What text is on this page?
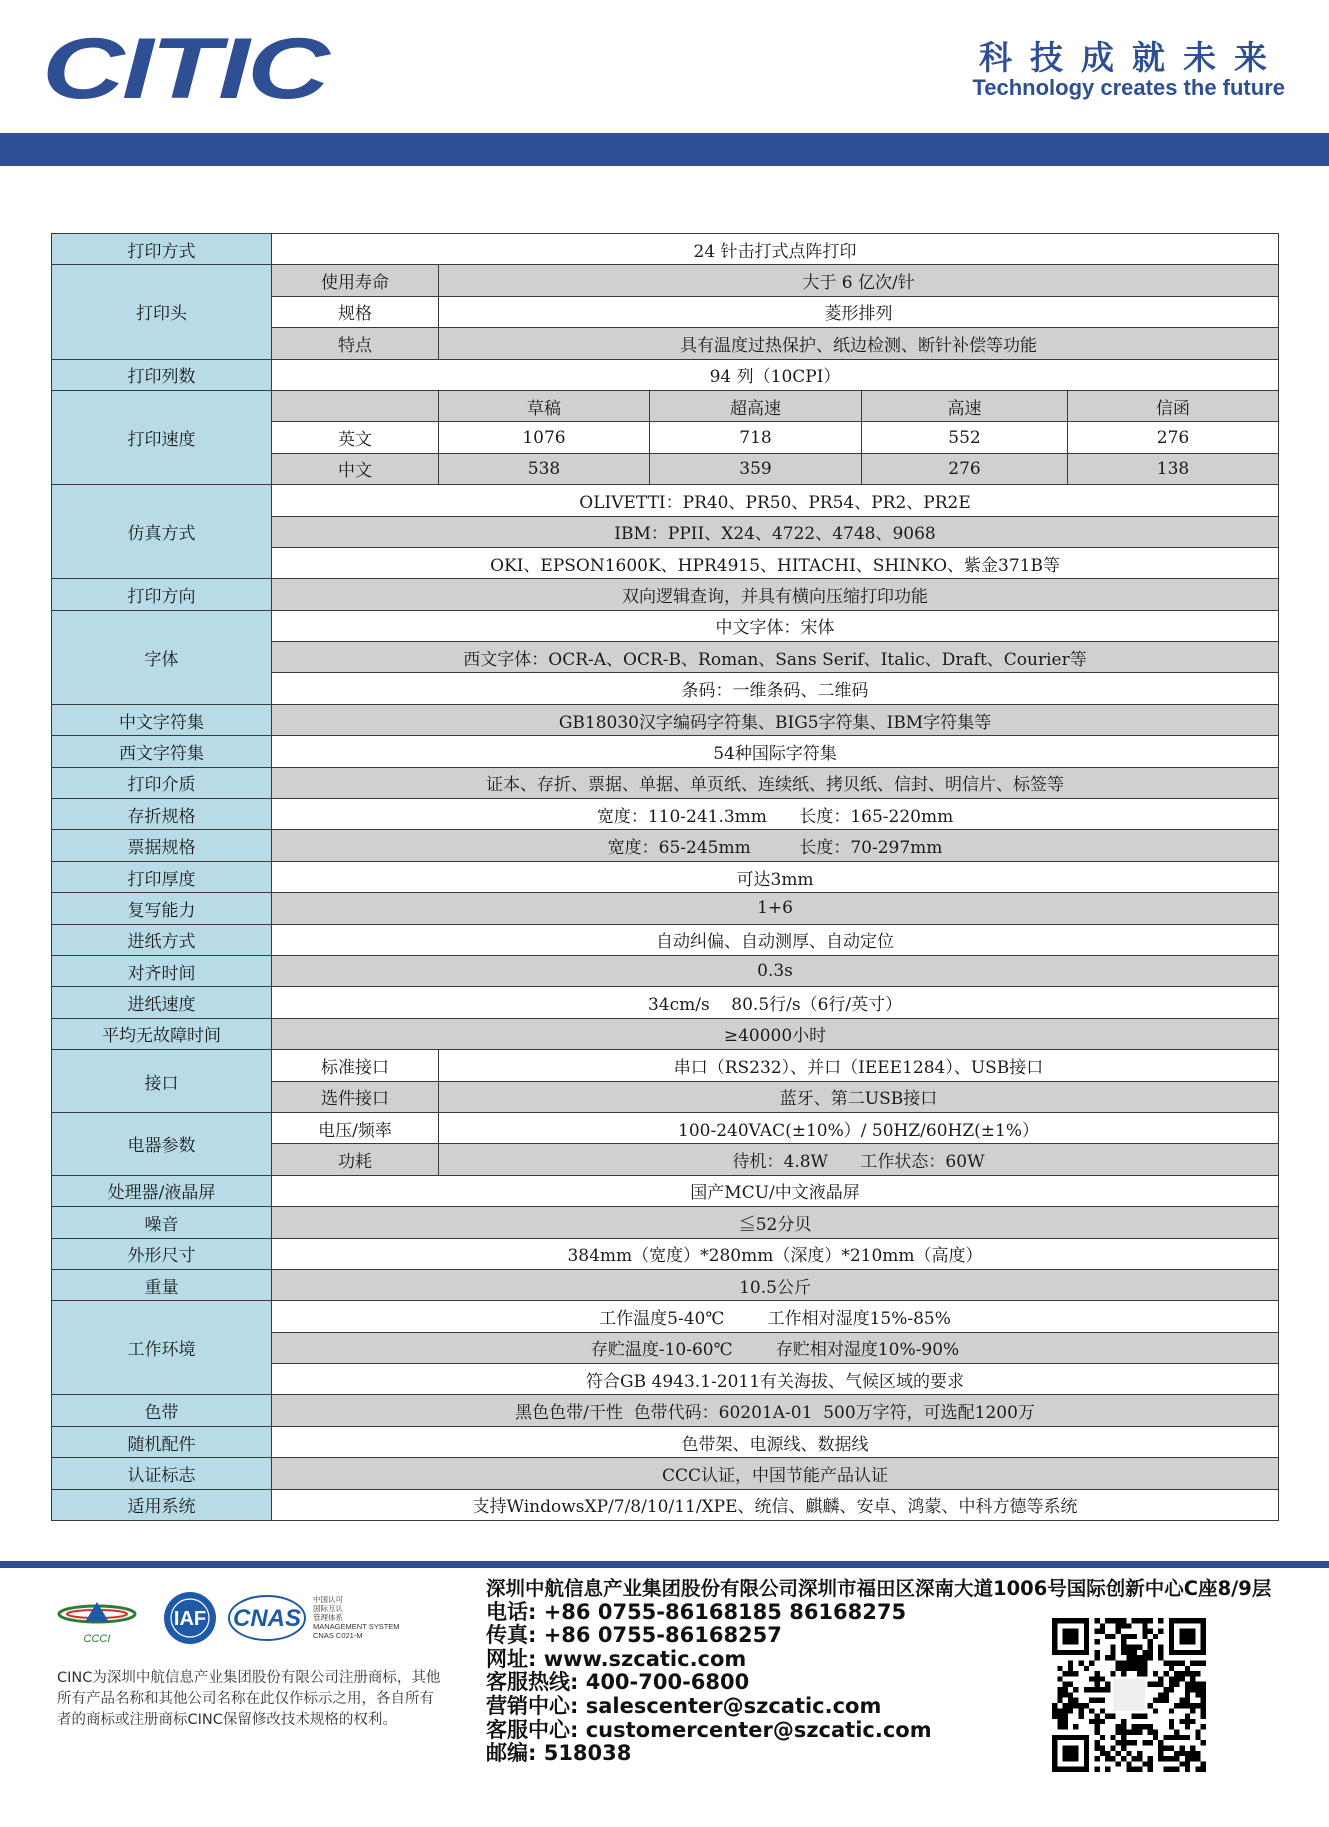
CITIC	科技成就未来
Technology creates the future
打印方式	24 针击打式点阵打印				
打印头	使用寿命	大于 6 亿次/针			
	规格	菱形排列			
	特点	具有温度过热保护、纸边检测、断针补偿等功能			
打印列数	94 列（10CPI）				
打印速度		草稿	超高速	高速	信函
	英文	1076	718	552	276
	中文	538	359	276	138
仿真方式	OLIVETTI：PR40、PR50、PR54、PR2、PR2E				
	IBM：PPII、X24、4722、4748、9068				
	OKI、EPSON1600K、HPR4915、HITACHI、SHINKO、紫金371B等				
打印方向	双向逻辑查询，并具有横向压缩打印功能				
字体	中文字体：宋体				
	西文字体：OCR-A、OCR-B、Roman、Sans Serif、Italic、Draft、Courier等				
	条码：一维条码、二维码				
中文字符集	GB18030汉字编码字符集、BIG5字符集、IBM字符集等				
西文字符集	54种国际字符集				
打印介质	证本、存折、票据、单据、单页纸、连续纸、拷贝纸、信封、明信片、标签等				
存折规格	宽度：110-241.3mm      长度：165-220mm				
票据规格	宽度：65-245mm         长度：70-297mm				
打印厚度	可达3mm				
复写能力	1+6				
进纸方式	自动纠偏、自动测厚、自动定位				
对齐时间	0.3s				
进纸速度	34cm/s    80.5行/s（6行/英寸）				
平均无故障时间	≥40000小时				
接口	标准接口	串口（RS232）、并口（IEEE1284）、USB接口			
	选件接口	蓝牙、第二USB接口			
电器参数	电压/频率	100-240VAC(±10%）/ 50HZ/60HZ(±1%）			
	功耗	待机：4.8W      工作状态：60W			
处理器/液晶屏	国产MCU/中文液晶屏				
噪音	≦52分贝				
外形尺寸	384mm（宽度）*280mm（深度）*210mm（高度）				
重量	10.5公斤				
工作环境	工作温度5-40℃        工作相对湿度15%-85%				
	存贮温度-10-60℃        存贮相对湿度10%-90%				
	符合GB 4943.1-2011有关海拔、气候区域的要求				
色带	黑色色带/干性  色带代码：60201A-01  500万字符，可选配1200万				
随机配件	色带架、电源线、数据线				
认证标志	CCC认证，中国节能产品认证				
适用系统	支持WindowsXP/7/8/10/11/XPE、统信、麒麟、安卓、鸿蒙、中科方德等系统				
CCCI
IAF CNAS
中国认可
国际互认
管理体系
MANAGEMENT SYSTEM
CNAS C021-M
CINC为深圳中航信息产业集团股份有限公司注册商标，其他所有产品名称和其他公司名称在此仅作标示之用，各自所有者的商标或注册商标CINC保留修改技术规格的权利。
深圳中航信息产业集团股份有限公司深圳市福田区深南大道1006号国际创新中心C座8/9层
电话: +86 0755-86168185 86168275
传真: +86 0755-86168257
网址: www.szcatic.com
客服热线: 400-700-6800
营销中心: salescenter@szcatic.com
客服中心: customercenter@szcatic.com
邮编: 518038
